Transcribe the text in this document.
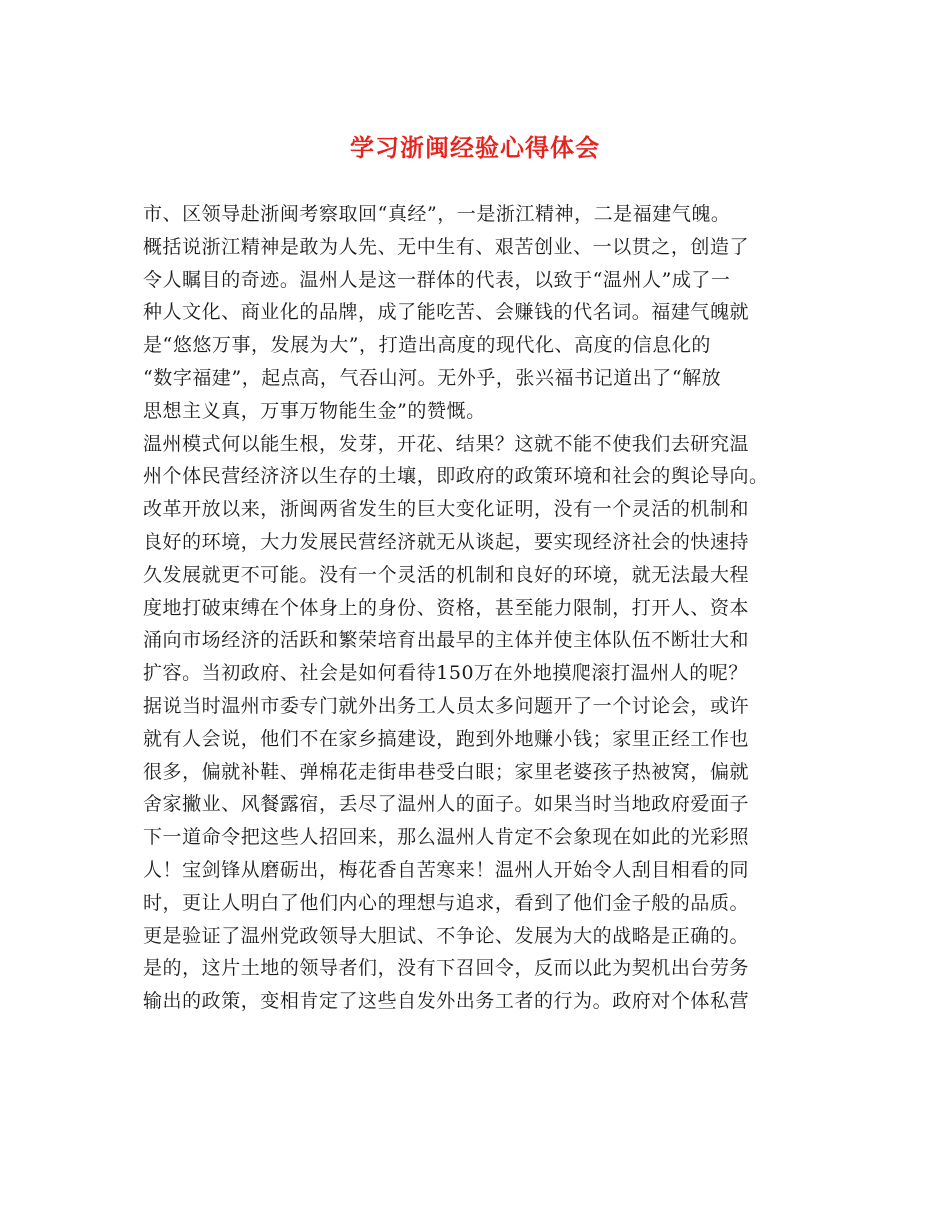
学习浙闽经验心得体会
市、区领导赴浙闽考察取回“真经”，一是浙江精神，二是福建气魄。
概括说浙江精神是敢为人先、无中生有、艰苦创业、一以贯之，创造了
令人瞩目的奇迹。温州人是这一群体的代表，以致于“温州人”成了一
种人文化、商业化的品牌，成了能吃苦、会赚钱的代名词。福建气魄就
是“悠悠万事，发展为大”，打造出高度的现代化、高度的信息化的
“数字福建”，起点高，气吞山河。无外乎，张兴福书记道出了“解放
思想主义真，万事万物能生金”的赞慨。
温州模式何以能生根，发芽，开花、结果？这就不能不使我们去研究温
州个体民营经济济以生存的土壤，即政府的政策环境和社会的舆论导向。
改革开放以来，浙闽两省发生的巨大变化证明，没有一个灵活的机制和
良好的环境，大力发展民营经济就无从谈起，要实现经济社会的快速持
久发展就更不可能。没有一个灵活的机制和良好的环境，就无法最大程
度地打破束缚在个体身上的身份、资格，甚至能力限制，打开人、资本
涌向市场经济的活跃和繁荣培育出最早的主体并使主体队伍不断壮大和
扩容。当初政府、社会是如何看待150万在外地摸爬滚打温州人的呢？
据说当时温州市委专门就外出务工人员太多问题开了一个讨论会，或许
就有人会说，他们不在家乡搞建设，跑到外地赚小钱；家里正经工作也
很多，偏就补鞋、弹棉花走街串巷受白眼；家里老婆孩子热被窝，偏就
舍家撇业、风餐露宿，丢尽了温州人的面子。如果当时当地政府爱面子
下一道命令把这些人招回来，那么温州人肯定不会象现在如此的光彩照
人！宝剑锋从磨砺出，梅花香自苦寒来！温州人开始令人刮目相看的同
时，更让人明白了他们内心的理想与追求，看到了他们金子般的品质。
更是验证了温州党政领导大胆试、不争论、发展为大的战略是正确的。
是的，这片土地的领导者们，没有下召回令，反而以此为契机出台劳务
输出的政策，变相肯定了这些自发外出务工者的行为。政府对个体私营
